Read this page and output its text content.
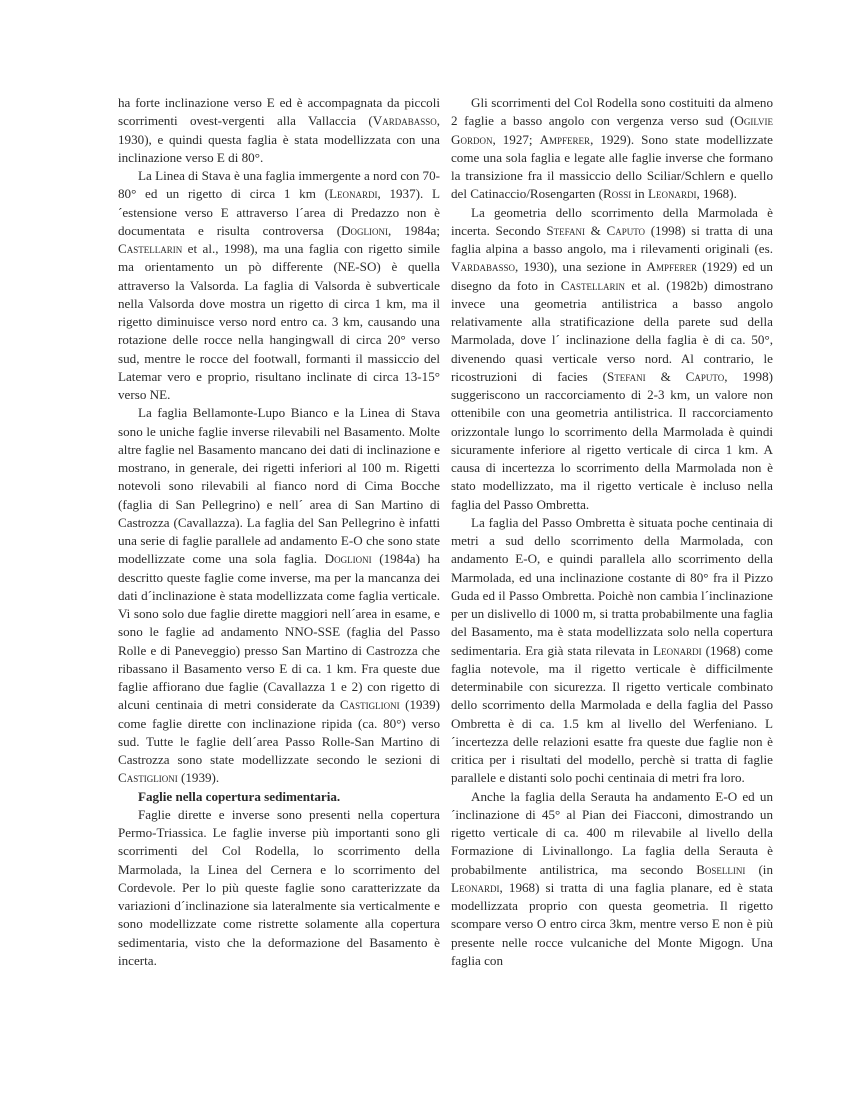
ha forte inclinazione verso E ed è accompagnata da piccoli scorrimenti ovest-vergenti alla Vallaccia (Vardabasso, 1930), e quindi questa faglia è stata modellizzata con una inclinazione verso E di 80°.

La Linea di Stava è una faglia immergente a nord con 70-80° ed un rigetto di circa 1 km (Leonardi, 1937). L´estensione verso E attraverso l´area di Predazzo non è documentata e risulta controversa (Doglioni, 1984a; Castellarin et al., 1998), ma una faglia con rigetto simile ma orientamento un pò differente (NE-SO) è quella attraverso la Valsorda. La faglia di Valsorda è subverticale nella Valsorda dove mostra un rigetto di circa 1 km, ma il rigetto diminuisce verso nord entro ca. 3 km, causando una rotazione delle rocce nella hangingwall di circa 20° verso sud, mentre le rocce del footwall, formanti il massiccio del Latemar vero e proprio, risultano inclinate di circa 13-15° verso NE.

La faglia Bellamonte-Lupo Bianco e la Linea di Stava sono le uniche faglie inverse rilevabili nel Basamento. Molte altre faglie nel Basamento mancano dei dati di inclinazione e mostrano, in generale, dei rigetti inferiori al 100 m. Rigetti notevoli sono rilevabili al fianco nord di Cima Bocche (faglia di San Pellegrino) e nell´ area di San Martino di Castrozza (Cavallazza). La faglia del San Pellegrino è infatti una serie di faglie parallele ad andamento E-O che sono state modellizzate come una sola faglia. Doglioni (1984a) ha descritto queste faglie come inverse, ma per la mancanza dei dati d´inclinazione è stata modellizzata come faglia verticale. Vi sono solo due faglie dirette maggiori nell´area in esame, e sono le faglie ad andamento NNO-SSE (faglia del Passo Rolle e di Paneveggio) presso San Martino di Castrozza che ribassano il Basamento verso E di ca. 1 km. Fra queste due faglie affiorano due faglie (Cavallazza 1 e 2) con rigetto di alcuni centinaia di metri considerate da Castiglioni (1939) come faglie dirette con inclinazione ripida (ca. 80°) verso sud. Tutte le faglie dell´area Passo Rolle-San Martino di Castrozza sono state modellizzate secondo le sezioni di Castiglioni (1939).

Faglie nella copertura sedimentaria.

Faglie dirette e inverse sono presenti nella copertura Permo-Triassica. Le faglie inverse più importanti sono gli scorrimenti del Col Rodella, lo scorrimento della Marmolada, la Linea del Cernera e lo scorrimento del Cordevole. Per lo più queste faglie sono caratterizzate da variazioni d´inclinazione sia lateralmente sia verticalmente e sono modellizzate come ristrette solamente alla copertura sedimentaria, visto che la deformazione del Basamento è incerta.

Gli scorrimenti del Col Rodella sono costituiti da almeno 2 faglie a basso angolo con vergenza verso sud (Ogilvie Gordon, 1927; Ampferer, 1929). Sono state modellizzate come una sola faglia e legate alle faglie inverse che formano la transizione fra il massiccio dello Sciliar/Schlern e quello del Catinaccio/Rosengarten (Rossi in Leonardi, 1968).

La geometria dello scorrimento della Marmolada è incerta. Secondo Stefani & Caputo (1998) si tratta di una faglia alpina a basso angolo, ma i rilevamenti originali (es. Vardabasso, 1930), una sezione in Ampferer (1929) ed un disegno da foto in Castellarin et al. (1982b) dimostrano invece una geometria antilistrica a basso angolo relativamente alla stratificazione della parete sud della Marmolada, dove l´ inclinazione della faglia è di ca. 50°, divenendo quasi verticale verso nord. Al contrario, le ricostruzioni di facies (Stefani & Caputo, 1998) suggeriscono un raccorciamento di 2-3 km, un valore non ottenibile con una geometria antilistrica. Il raccorciamento orizzontale lungo lo scorrimento della Marmolada è quindi sicuramente inferiore al rigetto verticale di circa 1 km. A causa di incertezza lo scorrimento della Marmolada non è stato modellizzato, ma il rigetto verticale è incluso nella faglia del Passo Ombretta.

La faglia del Passo Ombretta è situata poche centinaia di metri a sud dello scorrimento della Marmolada, con andamento E-O, e quindi parallela allo scorrimento della Marmolada, ed una inclinazione costante di 80° fra il Pizzo Guda ed il Passo Ombretta. Poichè non cambia l´inclinazione per un dislivello di 1000 m, si tratta probabilmente una faglia del Basamento, ma è stata modellizzata solo nella copertura sedimentaria. Era già stata rilevata in Leonardi (1968) come faglia notevole, ma il rigetto verticale è difficilmente determinabile con sicurezza. Il rigetto verticale combinato dello scorrimento della Marmolada e della faglia del Passo Ombretta è di ca. 1.5 km al livello del Werfeniano. L´incertezza delle relazioni esatte fra queste due faglie non è critica per i risultati del modello, perchè si tratta di faglie parallele e distanti solo pochi centinaia di metri fra loro.

Anche la faglia della Serauta ha andamento E-O ed un´inclinazione di 45° al Pian dei Fiacconi, dimostrando un rigetto verticale di ca. 400 m rilevabile al livello della Formazione di Livinallongo. La faglia della Serauta è probabilmente antilistrica, ma secondo Bosellini (in Leonardi, 1968) si tratta di una faglia planare, ed è stata modellizzata proprio con questa geometria. Il rigetto scompare verso O entro circa 3km, mentre verso E non è più presente nelle rocce vulcaniche del Monte Migogn. Una faglia con
